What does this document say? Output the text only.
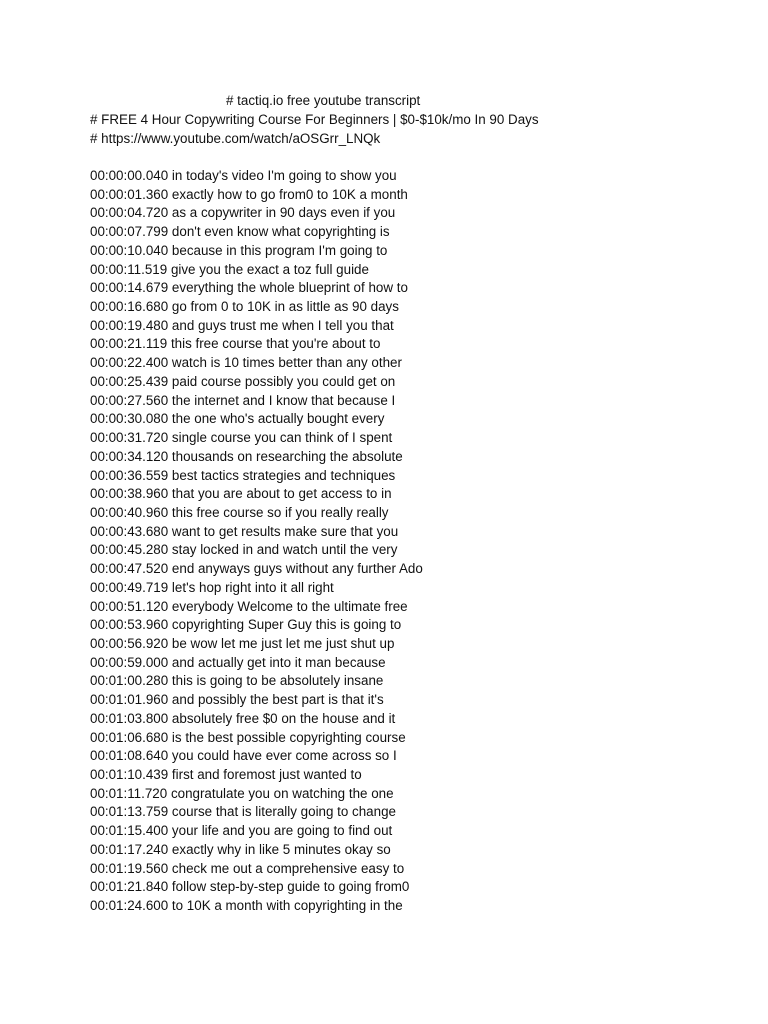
# tactiq.io free youtube transcript
# FREE 4 Hour Copywriting Course For Beginners | $0-$10k/mo In 90 Days
# https://www.youtube.com/watch/aOSGrr_LNQk
00:00:00.040 in today's video I'm going to show you
00:00:01.360 exactly how to go from0 to 10K a month
00:00:04.720 as a copywriter in 90 days even if you
00:00:07.799 don't even know what copyrighting is
00:00:10.040 because in this program I'm going to
00:00:11.519 give you the exact a toz full guide
00:00:14.679 everything the whole blueprint of how to
00:00:16.680 go from 0 to 10K in as little as 90 days
00:00:19.480 and guys trust me when I tell you that
00:00:21.119 this free course that you're about to
00:00:22.400 watch is 10 times better than any other
00:00:25.439 paid course possibly you could get on
00:00:27.560 the internet and I know that because I
00:00:30.080 the one who's actually bought every
00:00:31.720 single course you can think of I spent
00:00:34.120 thousands on researching the absolute
00:00:36.559 best tactics strategies and techniques
00:00:38.960 that you are about to get access to in
00:00:40.960 this free course so if you really really
00:00:43.680 want to get results make sure that you
00:00:45.280 stay locked in and watch until the very
00:00:47.520 end anyways guys without any further Ado
00:00:49.719 let's hop right into it all right
00:00:51.120 everybody Welcome to the ultimate free
00:00:53.960 copyrighting Super Guy this is going to
00:00:56.920 be wow let me just let me just shut up
00:00:59.000 and actually get into it man because
00:01:00.280 this is going to be absolutely insane
00:01:01.960 and possibly the best part is that it's
00:01:03.800 absolutely free $0 on the house and it
00:01:06.680 is the best possible copyrighting course
00:01:08.640 you could have ever come across so I
00:01:10.439 first and foremost just wanted to
00:01:11.720 congratulate you on watching the one
00:01:13.759 course that is literally going to change
00:01:15.400 your life and you are going to find out
00:01:17.240 exactly why in like 5 minutes okay so
00:01:19.560 check me out a comprehensive easy to
00:01:21.840 follow step-by-step guide to going from0
00:01:24.600 to 10K a month with copyrighting in the
